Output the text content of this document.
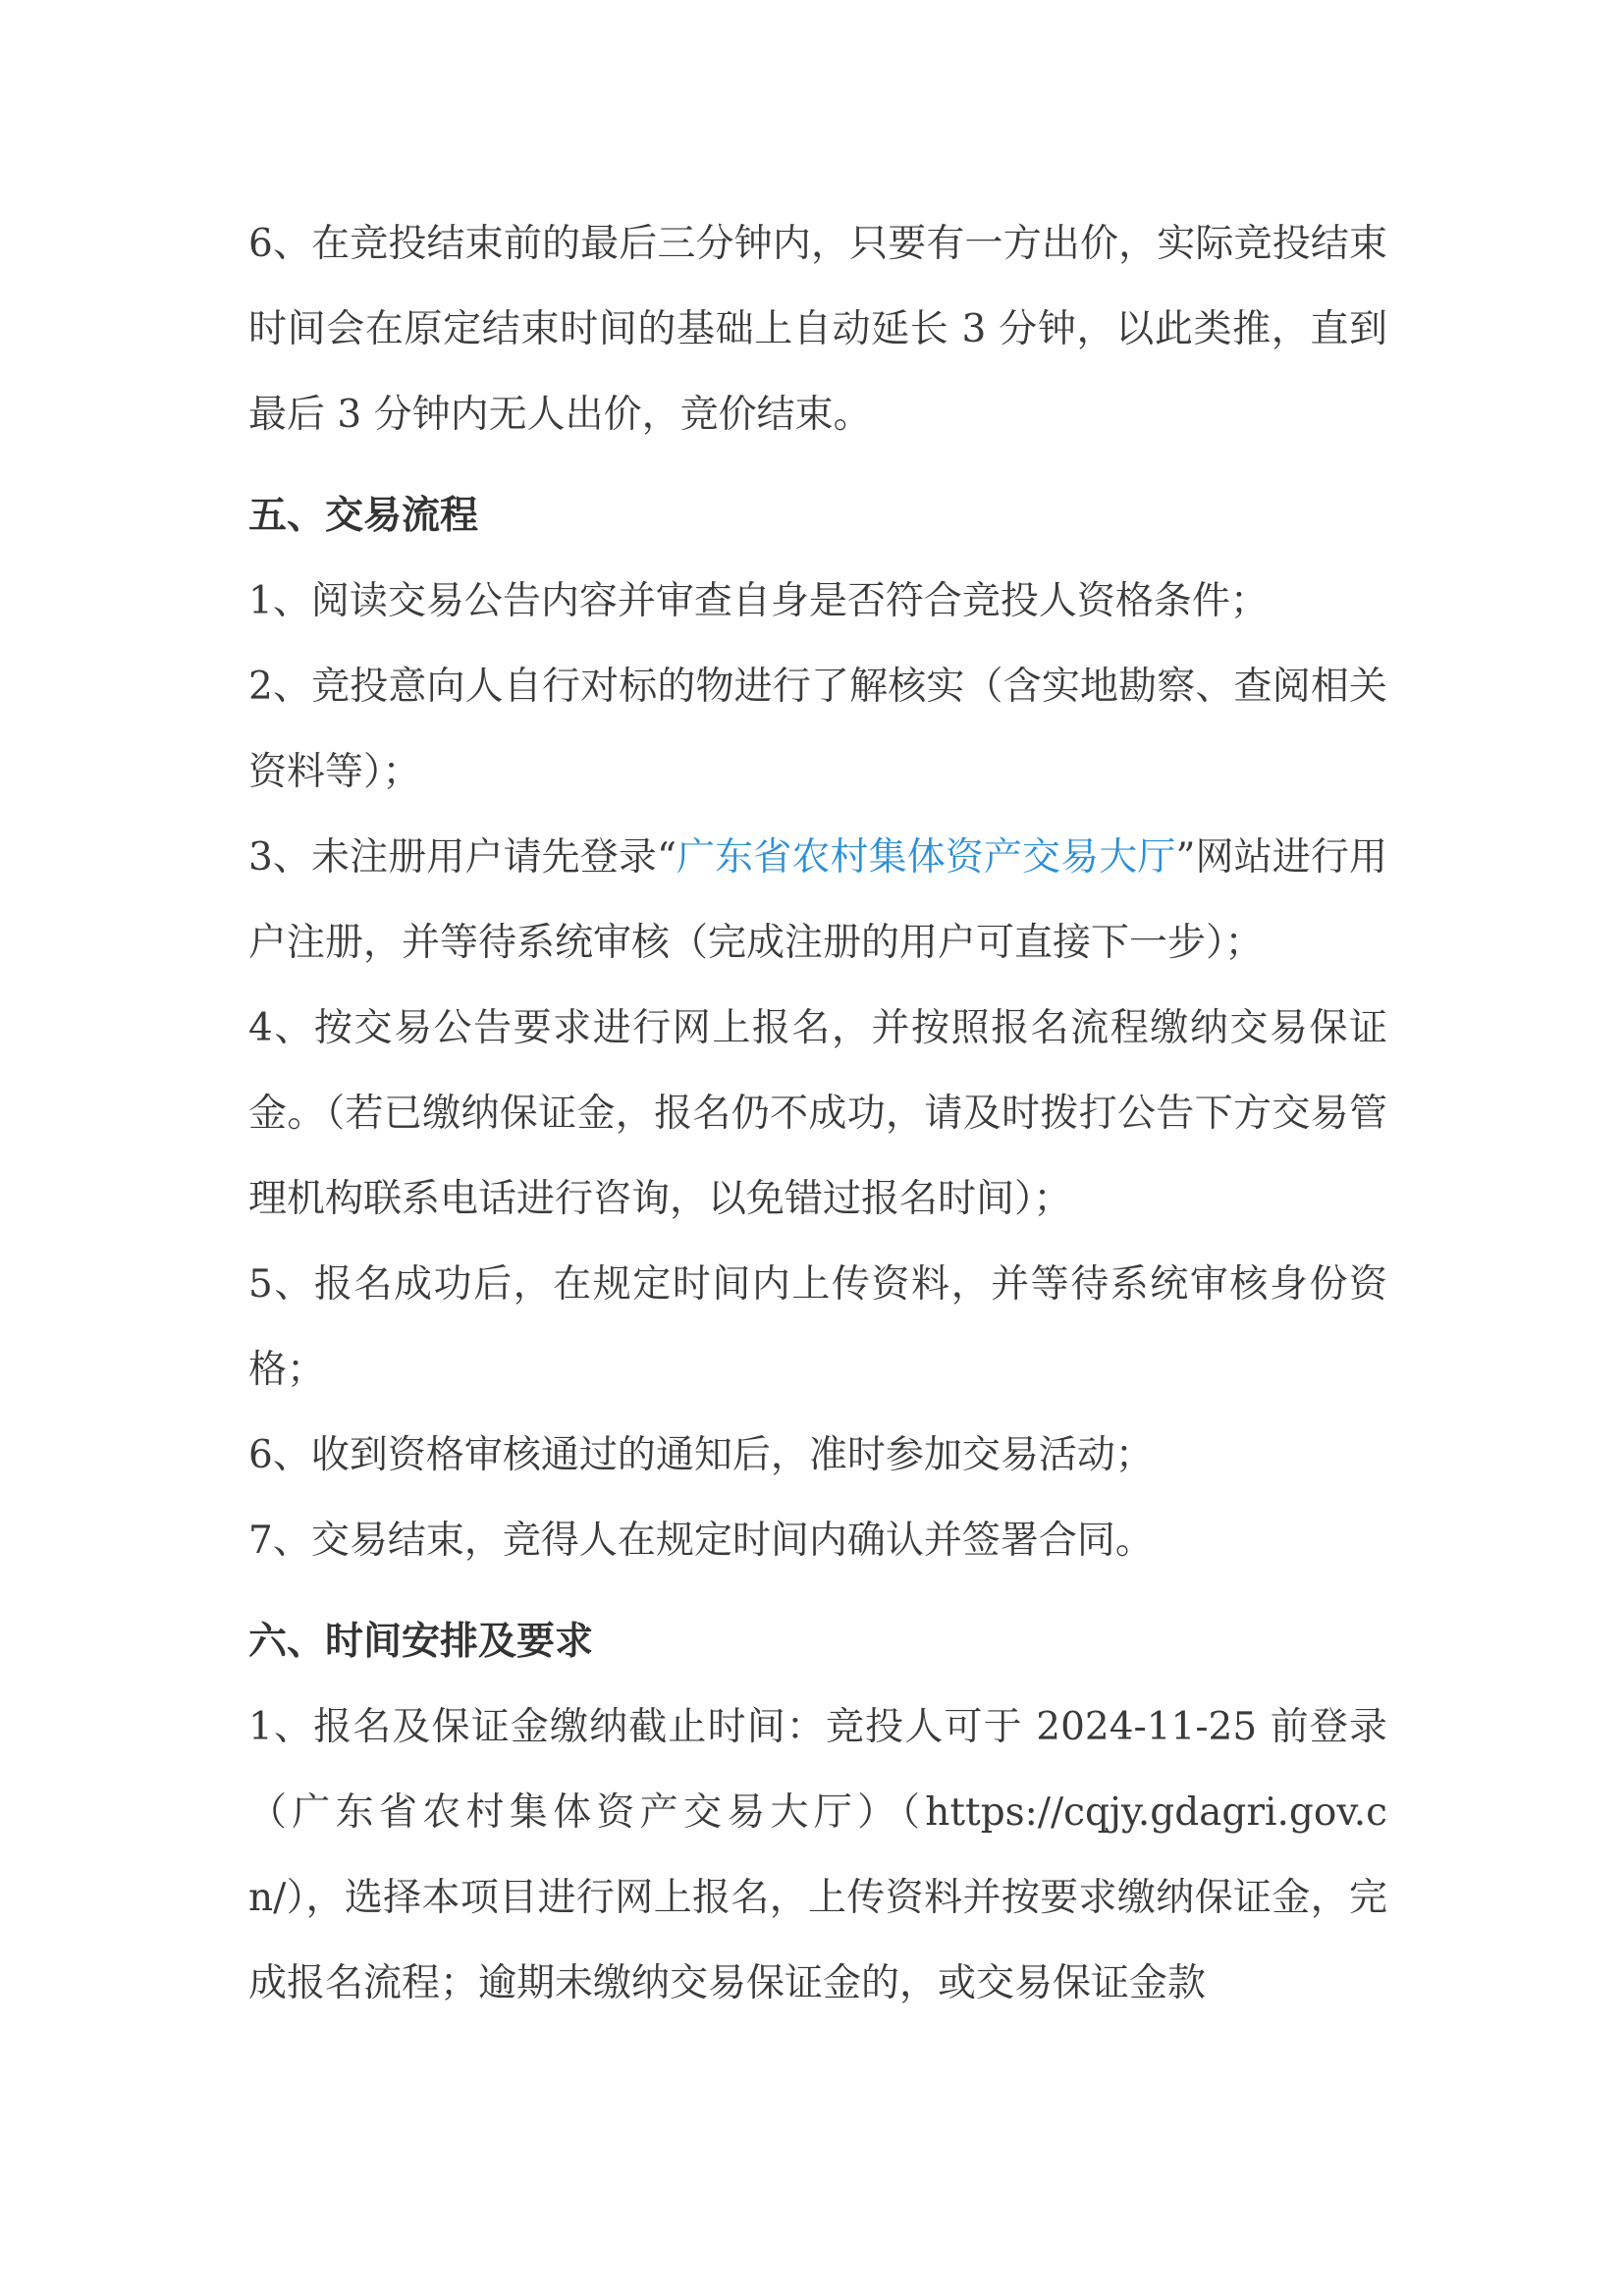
6、在竞投结束前的最后三分钟内，只要有一方出价，实际竞投结束时间会在原定结束时间的基础上自动延长 3 分钟，以此类推，直到最后 3 分钟内无人出价，竞价结束。

五、交易流程

1、阅读交易公告内容并审查自身是否符合竞投人资格条件；

2、竞投意向人自行对标的物进行了解核实（含实地勘察、查阅相关资料等）；

3、未注册用户请先登录“广东省农村集体资产交易大厅”网站进行用户注册，并等待系统审核（完成注册的用户可直接下一步）；

4、按交易公告要求进行网上报名，并按照报名流程缴纳交易保证金。（若已缴纳保证金，报名仍不成功，请及时拨打公告下方交易管理机构联系电话进行咨询，以免错过报名时间）；

5、报名成功后，在规定时间内上传资料，并等待系统审核身份资格；

6、收到资格审核通过的通知后，准时参加交易活动；

7、交易结束，竞得人在规定时间内确认并签署合同。

六、时间安排及要求

1、报名及保证金缴纳截止时间：竞投人可于 2024-11-25 前登录（广东省农村集体资产交易大厅）（https://cqjy.gdagri.gov.cn/），选择本项目进行网上报名，上传资料并按要求缴纳保证金，完成报名流程；逾期未缴纳交易保证金的，或交易保证金款
